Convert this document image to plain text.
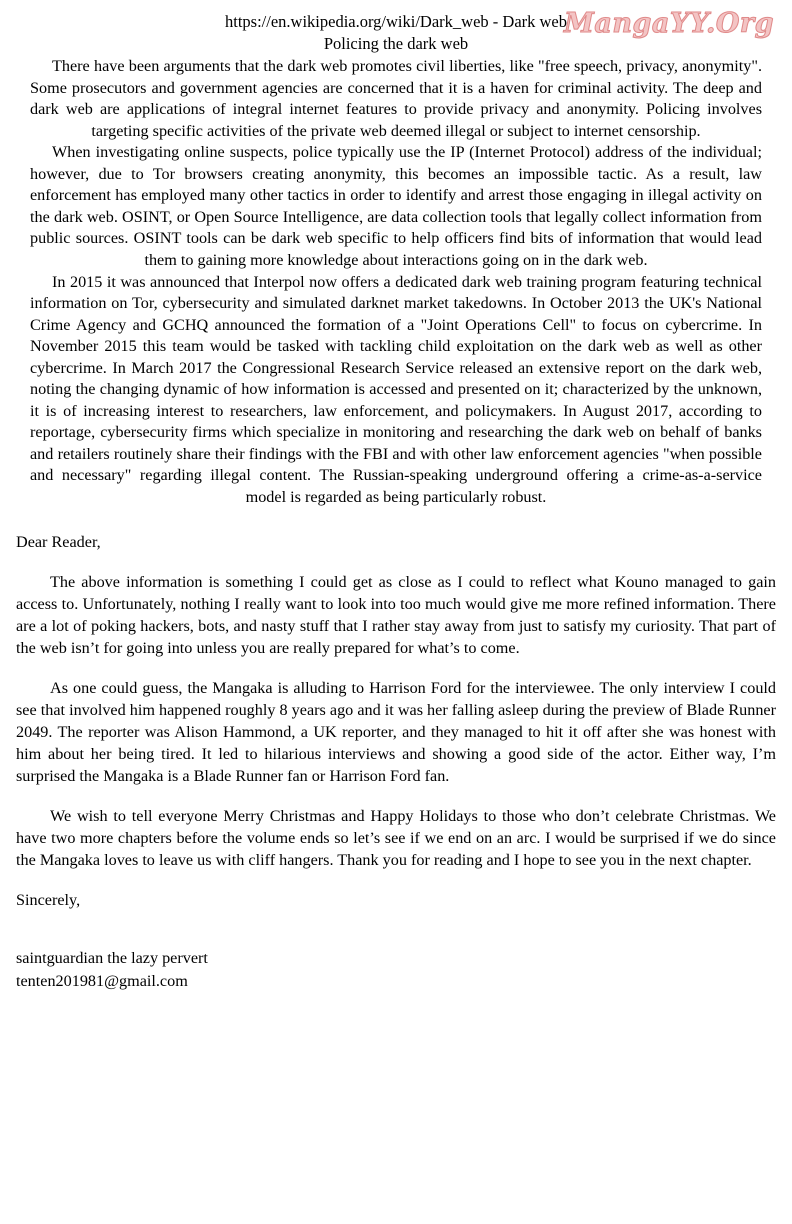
MangaYY.Org
https://en.wikipedia.org/wiki/Dark_web - Dark web
Policing the dark web

There have been arguments that the dark web promotes civil liberties, like "free speech, privacy, anonymity". Some prosecutors and government agencies are concerned that it is a haven for criminal activity. The deep and dark web are applications of integral internet features to provide privacy and anonymity. Policing involves targeting specific activities of the private web deemed illegal or subject to internet censorship.

When investigating online suspects, police typically use the IP (Internet Protocol) address of the individual; however, due to Tor browsers creating anonymity, this becomes an impossible tactic. As a result, law enforcement has employed many other tactics in order to identify and arrest those engaging in illegal activity on the dark web. OSINT, or Open Source Intelligence, are data collection tools that legally collect information from public sources. OSINT tools can be dark web specific to help officers find bits of information that would lead them to gaining more knowledge about interactions going on in the dark web.

In 2015 it was announced that Interpol now offers a dedicated dark web training program featuring technical information on Tor, cybersecurity and simulated darknet market takedowns. In October 2013 the UK's National Crime Agency and GCHQ announced the formation of a "Joint Operations Cell" to focus on cybercrime. In November 2015 this team would be tasked with tackling child exploitation on the dark web as well as other cybercrime. In March 2017 the Congressional Research Service released an extensive report on the dark web, noting the changing dynamic of how information is accessed and presented on it; characterized by the unknown, it is of increasing interest to researchers, law enforcement, and policymakers. In August 2017, according to reportage, cybersecurity firms which specialize in monitoring and researching the dark web on behalf of banks and retailers routinely share their findings with the FBI and with other law enforcement agencies "when possible and necessary" regarding illegal content. The Russian-speaking underground offering a crime-as-a-service model is regarded as being particularly robust.

Dear Reader,

The above information is something I could get as close as I could to reflect what Kouno managed to gain access to. Unfortunately, nothing I really want to look into too much would give me more refined information. There are a lot of poking hackers, bots, and nasty stuff that I rather stay away from just to satisfy my curiosity. That part of the web isn’t for going into unless you are really prepared for what’s to come.

As one could guess, the Mangaka is alluding to Harrison Ford for the interviewee. The only interview I could see that involved him happened roughly 8 years ago and it was her falling asleep during the preview of Blade Runner 2049. The reporter was Alison Hammond, a UK reporter, and they managed to hit it off after she was honest with him about her being tired. It led to hilarious interviews and showing a good side of the actor. Either way, I’m surprised the Mangaka is a Blade Runner fan or Harrison Ford fan.

We wish to tell everyone Merry Christmas and Happy Holidays to those who don’t celebrate Christmas. We have two more chapters before the volume ends so let’s see if we end on an arc. I would be surprised if we do since the Mangaka loves to leave us with cliff hangers. Thank you for reading and I hope to see you in the next chapter.

Sincerely,

saintguardian the lazy pervert

tenten201981@gmail.com
